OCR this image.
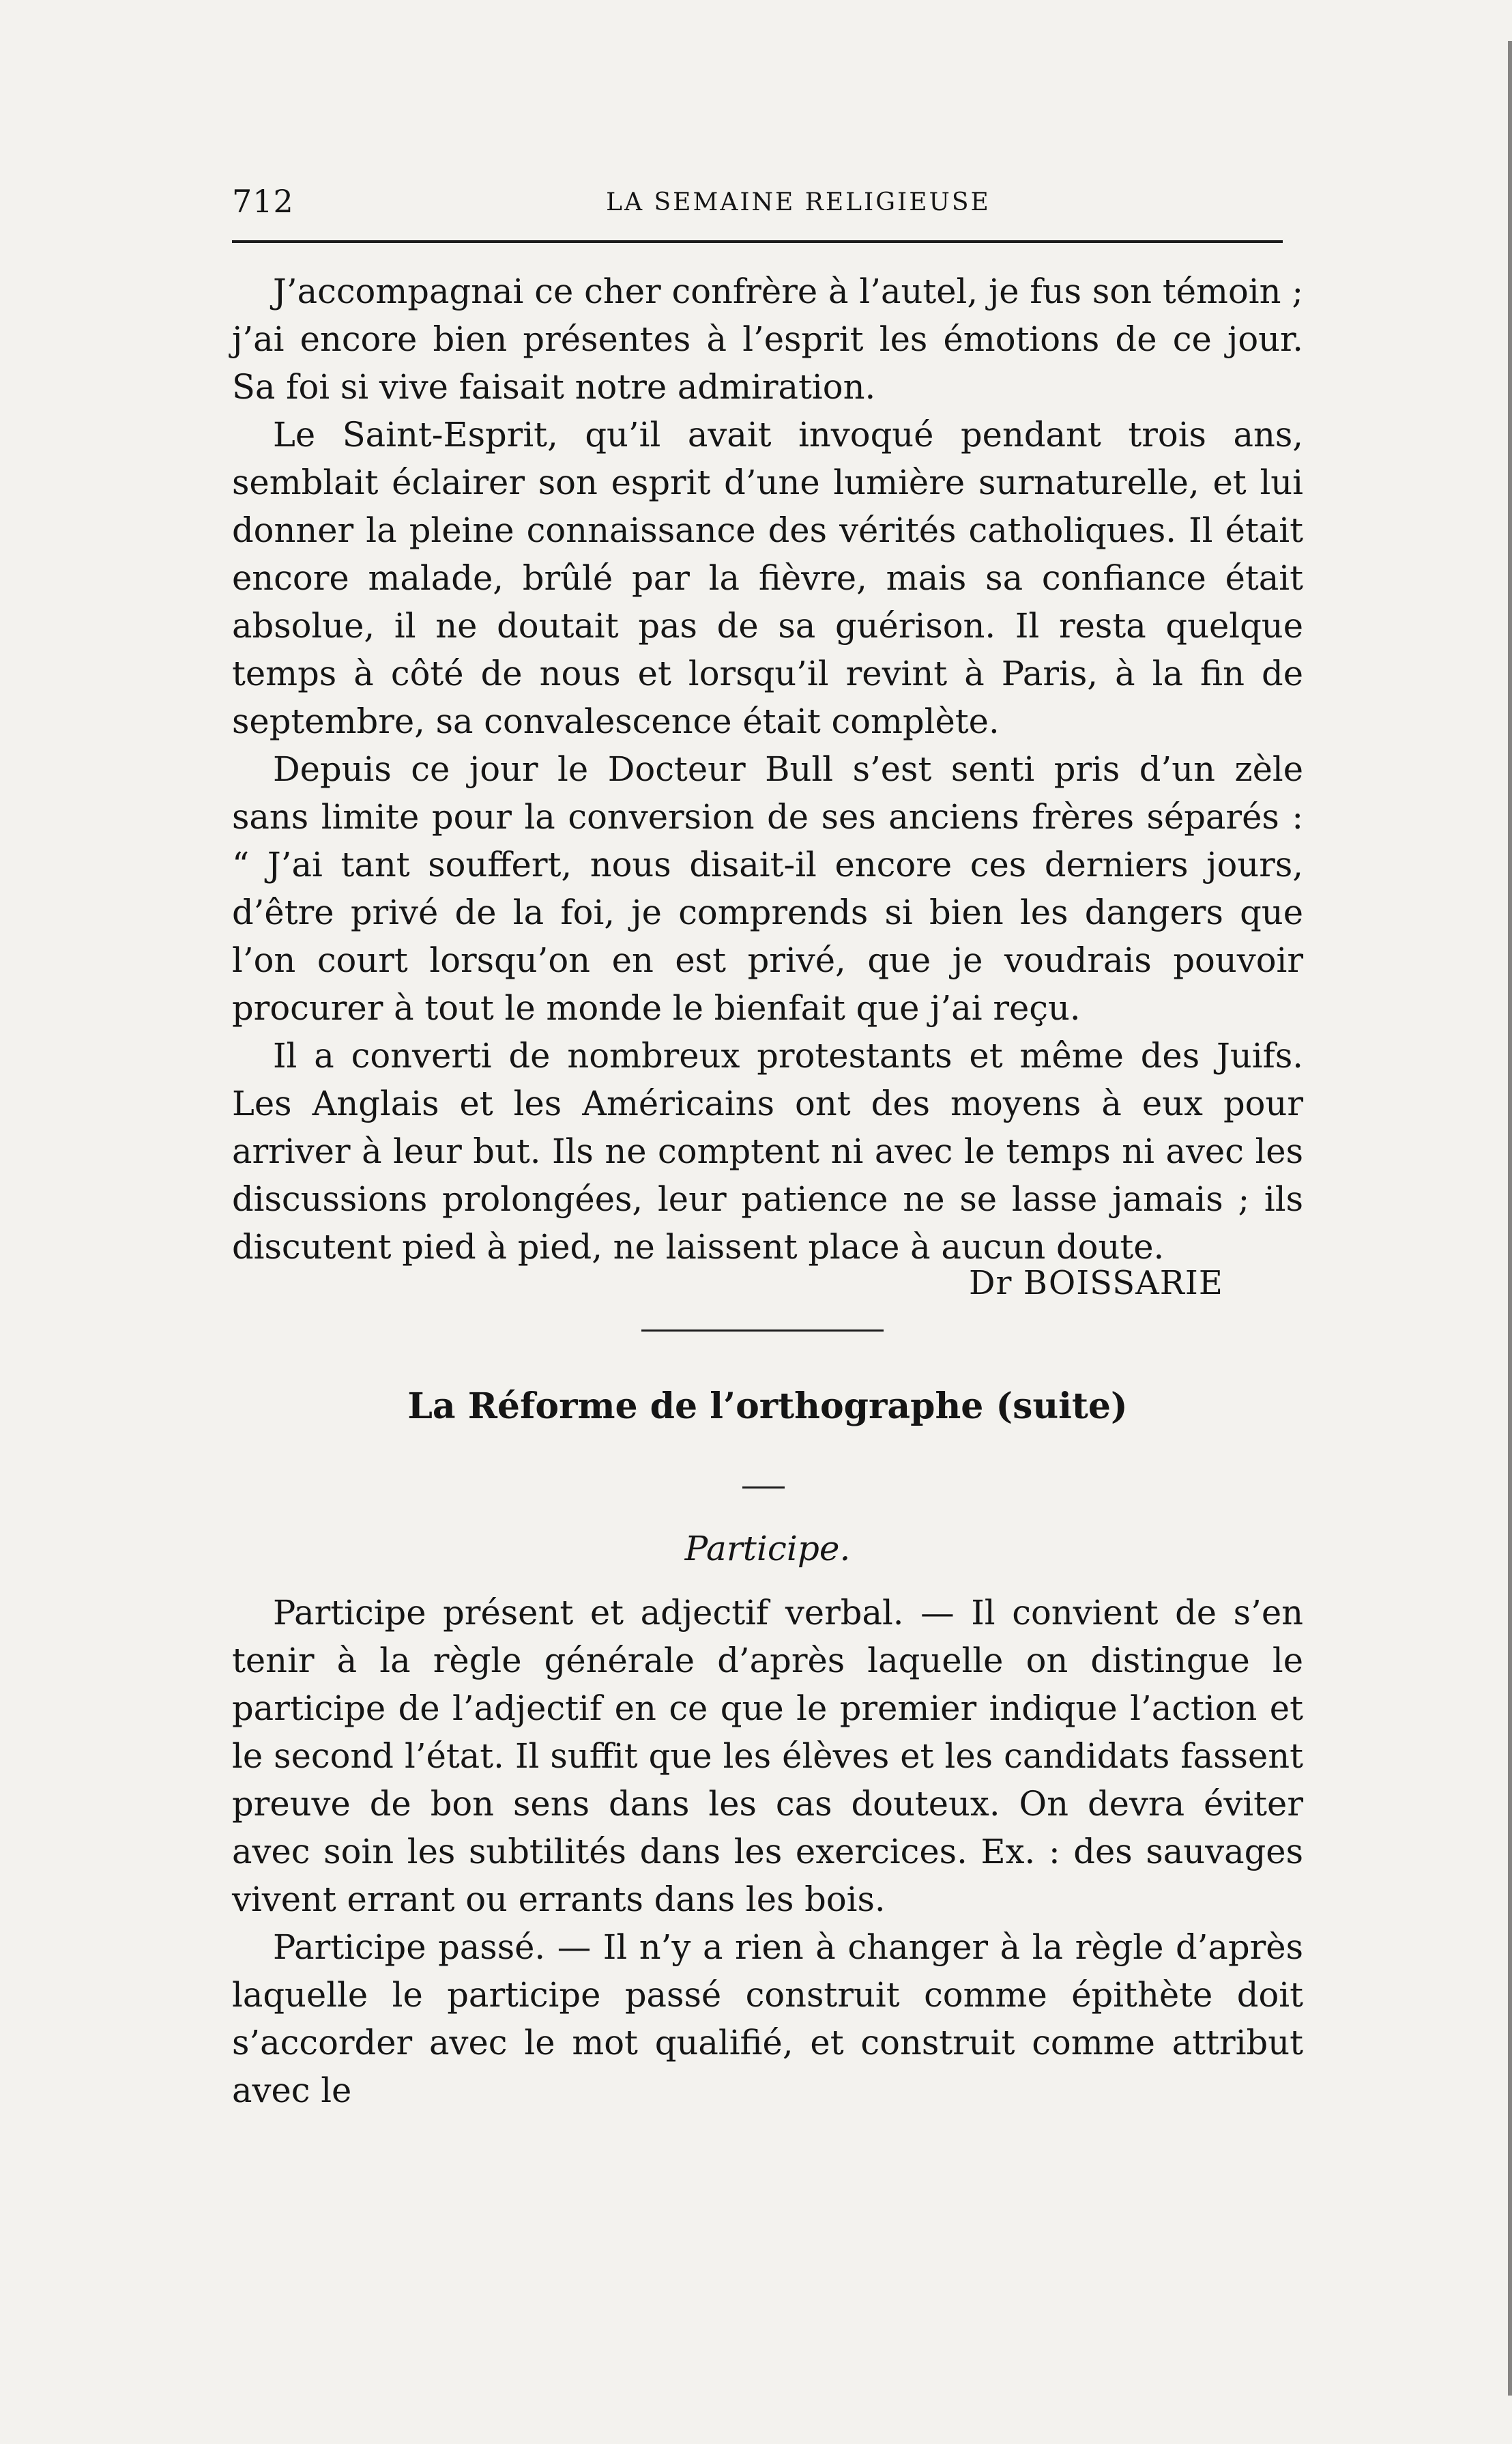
712	LA SEMAINE RELIGIEUSE

J’accompagnai ce cher confrère à l’autel, je fus son témoin ; j’ai encore bien présentes à l’esprit les émotions de ce jour. Sa foi si vive faisait notre admiration.

Le Saint-Esprit, qu’il avait invoqué pendant trois ans, semblait éclairer son esprit d’une lumière surnaturelle, et lui donner la pleine connaissance des vérités catholiques. Il était encore malade, brûlé par la fièvre, mais sa confiance était absolue, il ne doutait pas de sa guérison. Il resta quelque temps à côté de nous et lorsqu’il revint à Paris, à la fin de septembre, sa convalescence était complète.

Depuis ce jour le Docteur Bull s’est senti pris d’un zèle sans limite pour la conversion de ses anciens frères séparés : “ J’ai tant souffert, nous disait-il encore ces derniers jours, d’être privé de la foi, je comprends si bien les dangers que l’on court lorsqu’on en est privé, que je voudrais pouvoir procurer à tout le monde le bienfait que j’ai reçu.

Il a converti de nombreux protestants et même des Juifs. Les Anglais et les Américains ont des moyens à eux pour arriver à leur but. Ils ne comptent ni avec le temps ni avec les discussions prolongées, leur patience ne se lasse jamais ; ils discutent pied à pied, ne laissent place à aucun doute.

Dr BOISSARIE
La Réforme de l’orthographe (suite)
Participe.

Participe présent et adjectif verbal. — Il convient de s’en tenir à la règle générale d’après laquelle on distingue le participe de l’adjectif en ce que le premier indique l’action et le second l’état. Il suffit que les élèves et les candidats fassent preuve de bon sens dans les cas douteux. On devra éviter avec soin les subtilités dans les exercices. Ex. : des sauvages vivent errant ou errants dans les bois.

Participe passé. — Il n’y a rien à changer à la règle d’après laquelle le participe passé construit comme épithète doit s’accorder avec le mot qualifié, et construit comme attribut avec le
